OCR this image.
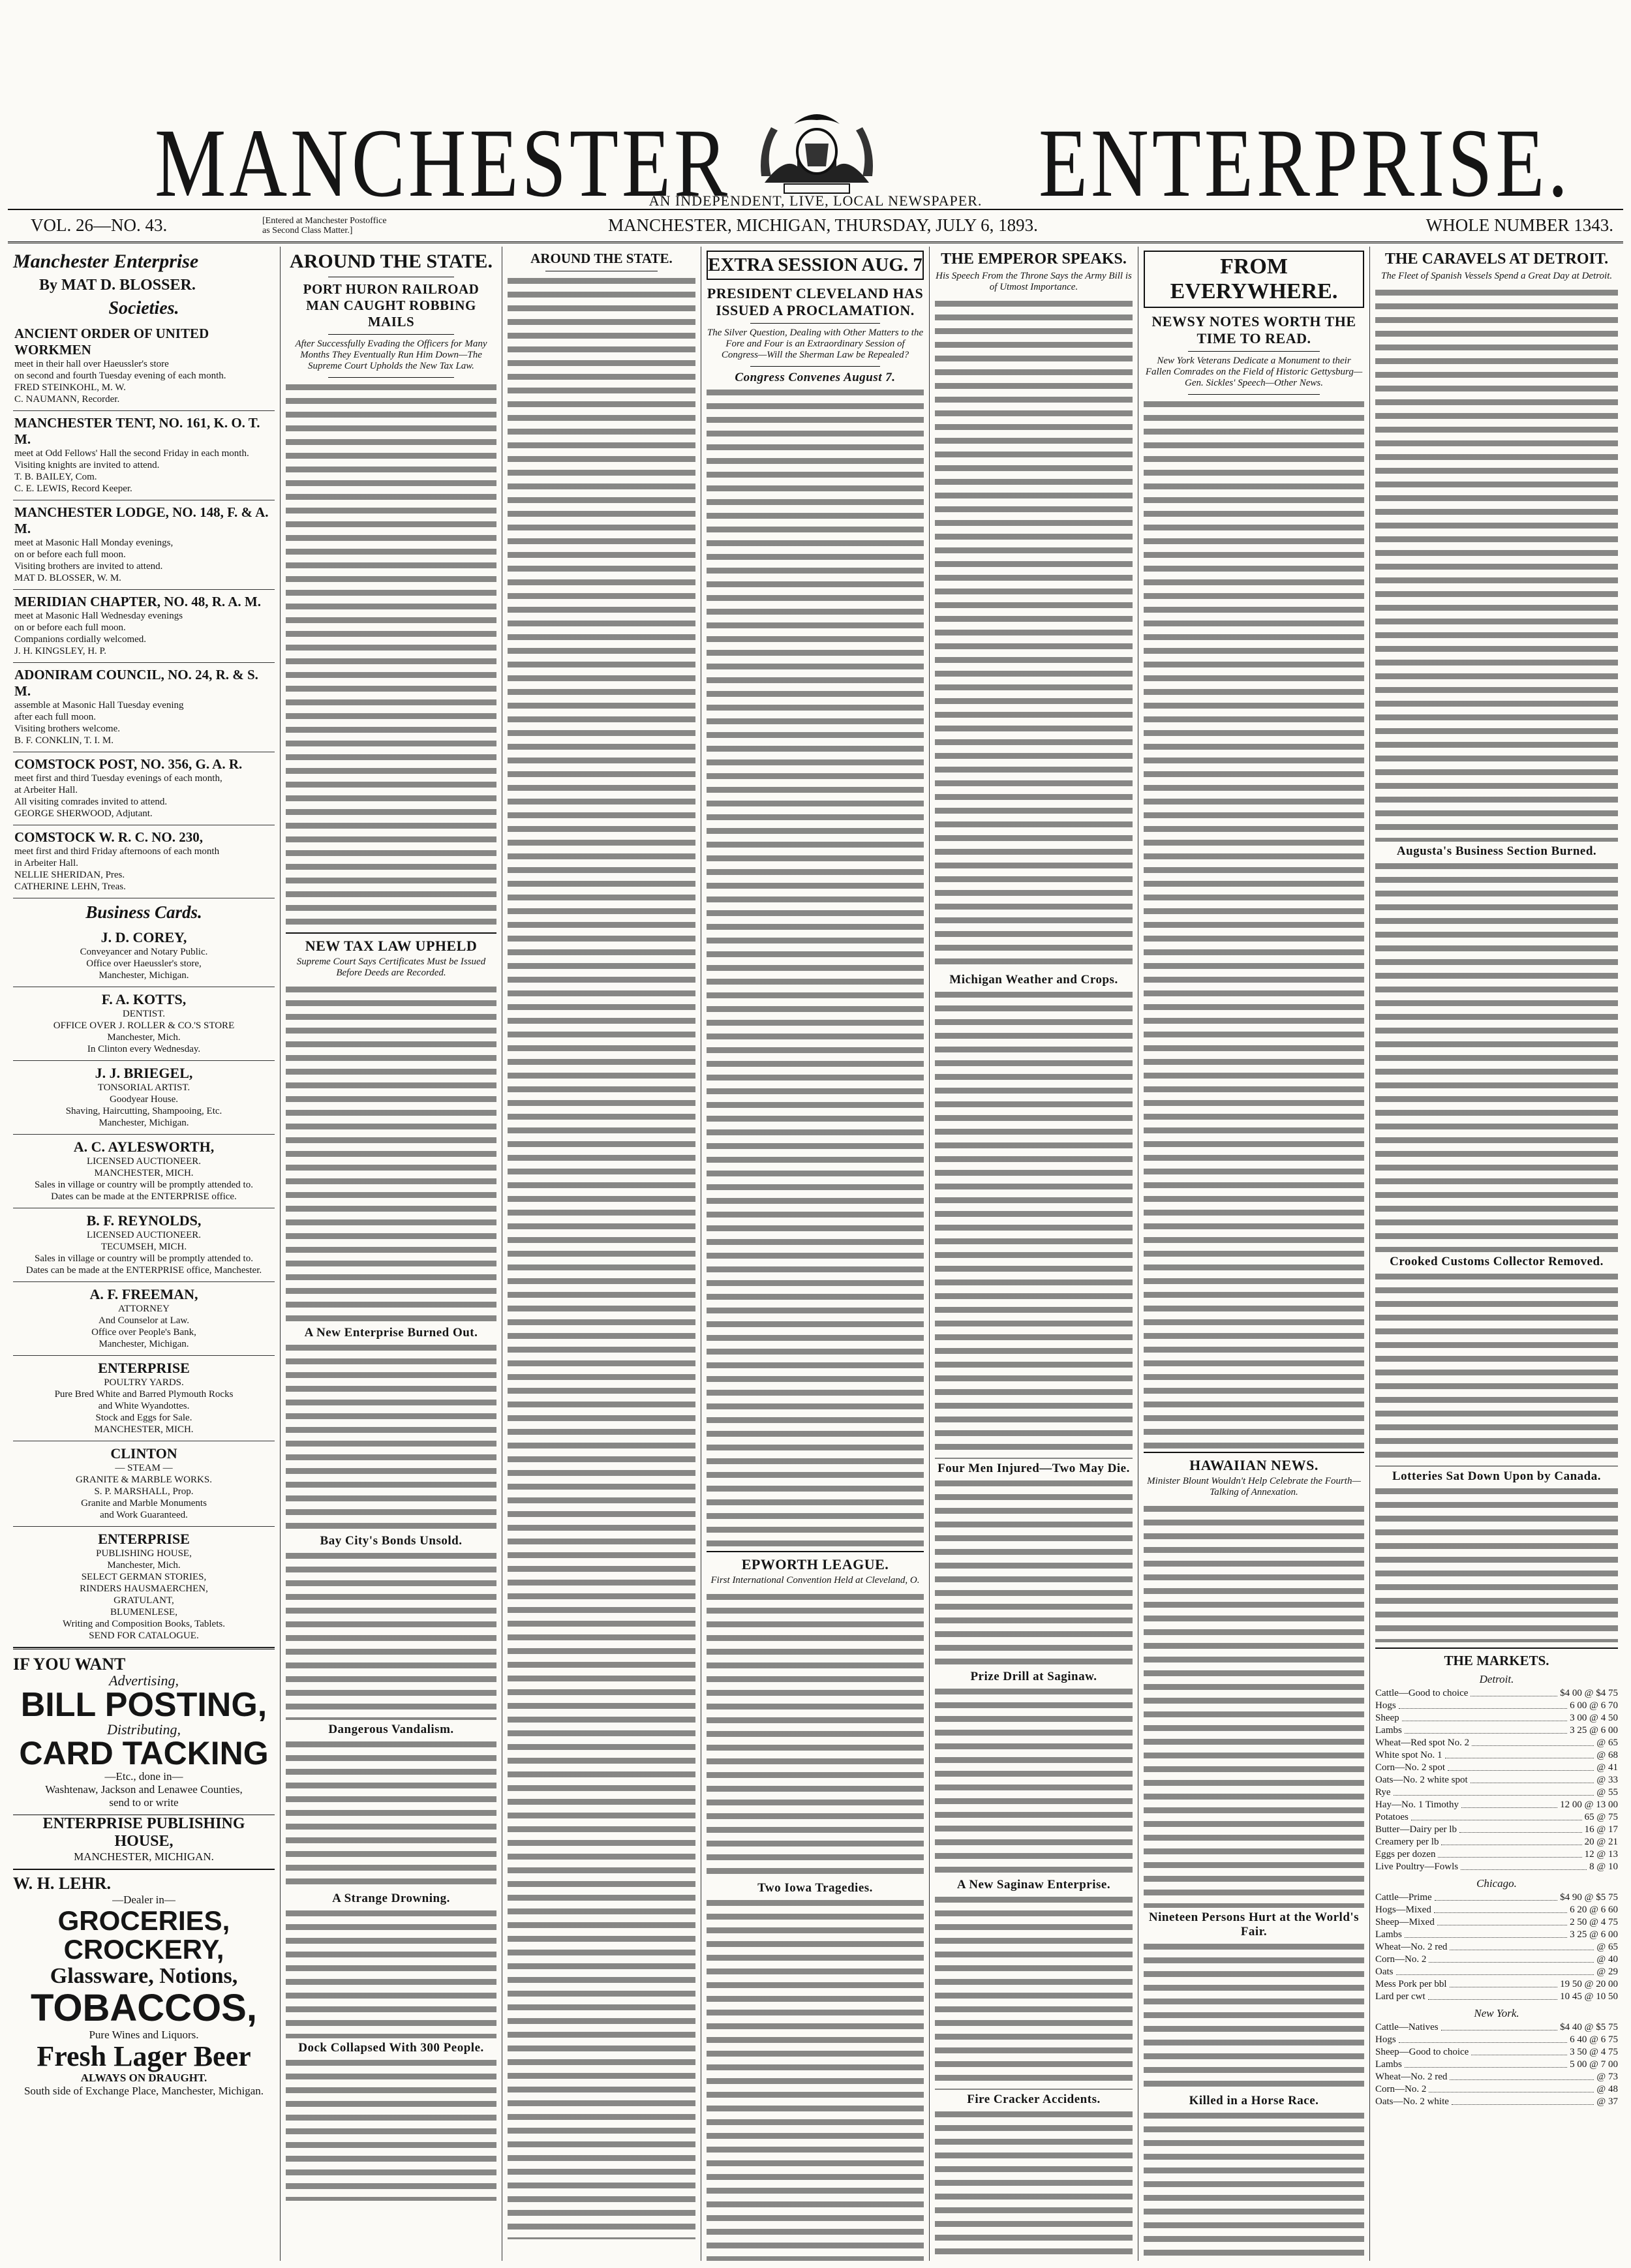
MANCHESTER	ENTERPRISE.
AN INDEPENDENT, LIVE, LOCAL NEWSPAPER.
VOL. 26—NO. 43.	[Entered at Manchester Postoffice as Second Class Matter.]	MANCHESTER, MICHIGAN, THURSDAY, JULY 6, 1893.	WHOLE NUMBER 1343.
Manchester Enterprise
By MAT D. BLOSSER.
Societies.
ANCIENT ORDER OF UNITED WORKMEN
meet in their hall over Haeussler's store
on second and fourth Tuesday evening of each month.
FRED STEINKOHL, M. W.
C. NAUMANN, Recorder.
MANCHESTER TENT, NO. 161, K. O. T. M.
meet at Odd Fellows' Hall the second Friday in each month.
Visiting knights are invited to attend.
T. B. BAILEY, Com.
C. E. LEWIS, Record Keeper.
MANCHESTER LODGE, NO. 148, F. & A. M.
meet at Masonic Hall Monday evenings,
on or before each full moon.
Visiting brothers are invited to attend.
MAT D. BLOSSER, W. M.
MERIDIAN CHAPTER, NO. 48, R. A. M.
meet at Masonic Hall Wednesday evenings
on or before each full moon.
Companions cordially welcomed.
J. H. KINGSLEY, H. P.
ADONIRAM COUNCIL, NO. 24, R. & S. M.
assemble at Masonic Hall Tuesday evening
after each full moon.
Visiting brothers welcome.
B. F. CONKLIN, T. I. M.
COMSTOCK POST, NO. 356, G. A. R.
meet first and third Tuesday evenings of each month,
at Arbeiter Hall.
All visiting comrades invited to attend.
GEORGE SHERWOOD, Adjutant.
COMSTOCK W. R. C. NO. 230,
meet first and third Friday afternoons of each month
in Arbeiter Hall.
NELLIE SHERIDAN, Pres.
CATHERINE LEHN, Treas.
Business Cards.
J. D. COREY,
Conveyancer and Notary Public.
Office over Haeussler's store,
Manchester, Michigan.
F. A. KOTTS,
DENTIST.
OFFICE OVER J. ROLLER & CO.'S STORE
Manchester, Mich.
In Clinton every Wednesday.
J. J. BRIEGEL,
TONSORIAL ARTIST.
Goodyear House.
Shaving, Haircutting, Shampooing, Etc.
Manchester, Michigan.
A. C. AYLESWORTH,
LICENSED AUCTIONEER.
MANCHESTER, MICH.
Sales in village or country will be promptly attended to.
Dates can be made at the ENTERPRISE office.
B. F. REYNOLDS,
LICENSED AUCTIONEER.
TECUMSEH, MICH.
Sales in village or country will be promptly attended to.
Dates can be made at the ENTERPRISE office, Manchester.
A. F. FREEMAN,
ATTORNEY
And Counselor at Law.
Office over People's Bank,
Manchester, Michigan.
ENTERPRISE
POULTRY YARDS.
Pure Bred White and Barred Plymouth Rocks
and White Wyandottes.
Stock and Eggs for Sale.
MANCHESTER, MICH.
CLINTON
— STEAM —
GRANITE & MARBLE WORKS.
S. P. MARSHALL, Prop.
Granite and Marble Monuments
and Work Guaranteed.
ENTERPRISE
PUBLISHING HOUSE,
Manchester, Mich.
SELECT GERMAN STORIES,
RINDERS HAUSMAERCHEN,
GRATULANT,
BLUMENLESE,
Writing and Composition Books, Tablets.
SEND FOR CATALOGUE.
IF YOU WANT
Advertising,
BILL POSTING,
Distributing,
CARD TACKING
—Etc., done in—
Washtenaw, Jackson and Lenawee Counties,
send to or write
ENTERPRISE PUBLISHING HOUSE,
MANCHESTER, MICHIGAN.
W. H. LEHR.
—Dealer in—
GROCERIES, CROCKERY,
Glassware, Notions,
TOBACCOS,
Pure Wines and Liquors.
Fresh Lager Beer
ALWAYS ON DRAUGHT.
South side of Exchange Place, Manchester, Michigan.
AROUND THE STATE.
PORT HURON RAILROAD MAN CAUGHT ROBBING MAILS
After Successfully Evading the Officers for Many Months They Eventually Run Him Down—The Supreme Court Upholds the New Tax Law.
NEW TAX LAW UPHELD
Supreme Court Says Certificates Must be Issued Before Deeds are Recorded.
A New Enterprise Burned Out.
Bay City's Bonds Unsold.
Dangerous Vandalism.
A Strange Drowning.
Dock Collapsed With 300 People.
AROUND THE STATE.	EXTRA SESSION AUG. 7
PRESIDENT CLEVELAND HAS ISSUED A PROCLAMATION.
The Silver Question, Dealing with Other Matters to the Fore and Four is an Extraordinary Session of Congress—Will the Sherman Law be Repealed?
Congress Convenes August 7.
EPWORTH LEAGUE.
First International Convention Held at Cleveland, O.
Two Iowa Tragedies.
THE EMPEROR SPEAKS.
His Speech From the Throne Says the Army Bill is of Utmost Importance.
Michigan Weather and Crops.
Four Men Injured—Two May Die.
Prize Drill at Saginaw.
A New Saginaw Enterprise.
Fire Cracker Accidents.
FROM EVERYWHERE.
NEWSY NOTES WORTH THE TIME TO READ.
New York Veterans Dedicate a Monument to their Fallen Comrades on the Field of Historic Gettysburg—Gen. Sickles' Speech—Other News.
HAWAIIAN NEWS.
Minister Blount Wouldn't Help Celebrate the Fourth—Talking of Annexation.
Nineteen Persons Hurt at the World's Fair.
Killed in a Horse Race.
THE CARAVELS AT DETROIT.
The Fleet of Spanish Vessels Spend a Great Day at Detroit.
Augusta's Business Section Burned.
Crooked Customs Collector Removed.
Lotteries Sat Down Upon by Canada.
THE MARKETS.
Detroit.
Cattle—Good to choice	$4 00 @ $4 75
Hogs	6 00 @ 6 70
Sheep	3 00 @ 4 50
Lambs	3 25 @ 6 00
Wheat—Red spot No. 2	@ 65
White spot No. 1	@ 68
Corn—No. 2 spot	@ 41
Oats—No. 2 white spot	@ 33
Rye	@ 55
Hay—No. 1 Timothy	12 00 @ 13 00
Potatoes	65 @ 75
Butter—Dairy per lb	16 @ 17
Creamery per lb	20 @ 21
Eggs per dozen	12 @ 13
Live Poultry—Fowls	8 @ 10
Chicago.
Cattle—Prime	$4 90 @ $5 75
Hogs—Mixed	6 20 @ 6 60
Sheep—Mixed	2 50 @ 4 75
Lambs	3 25 @ 6 00
Wheat—No. 2 red	@ 65
Corn—No. 2	@ 40
Oats	@ 29
Mess Pork per bbl	19 50 @ 20 00
Lard per cwt	10 45 @ 10 50
New York.
Cattle—Natives	$4 40 @ $5 75
Hogs	6 40 @ 6 75
Sheep—Good to choice	3 50 @ 4 75
Lambs	5 00 @ 7 00
Wheat—No. 2 red	@ 73
Corn—No. 2	@ 48
Oats—No. 2 white	@ 37
